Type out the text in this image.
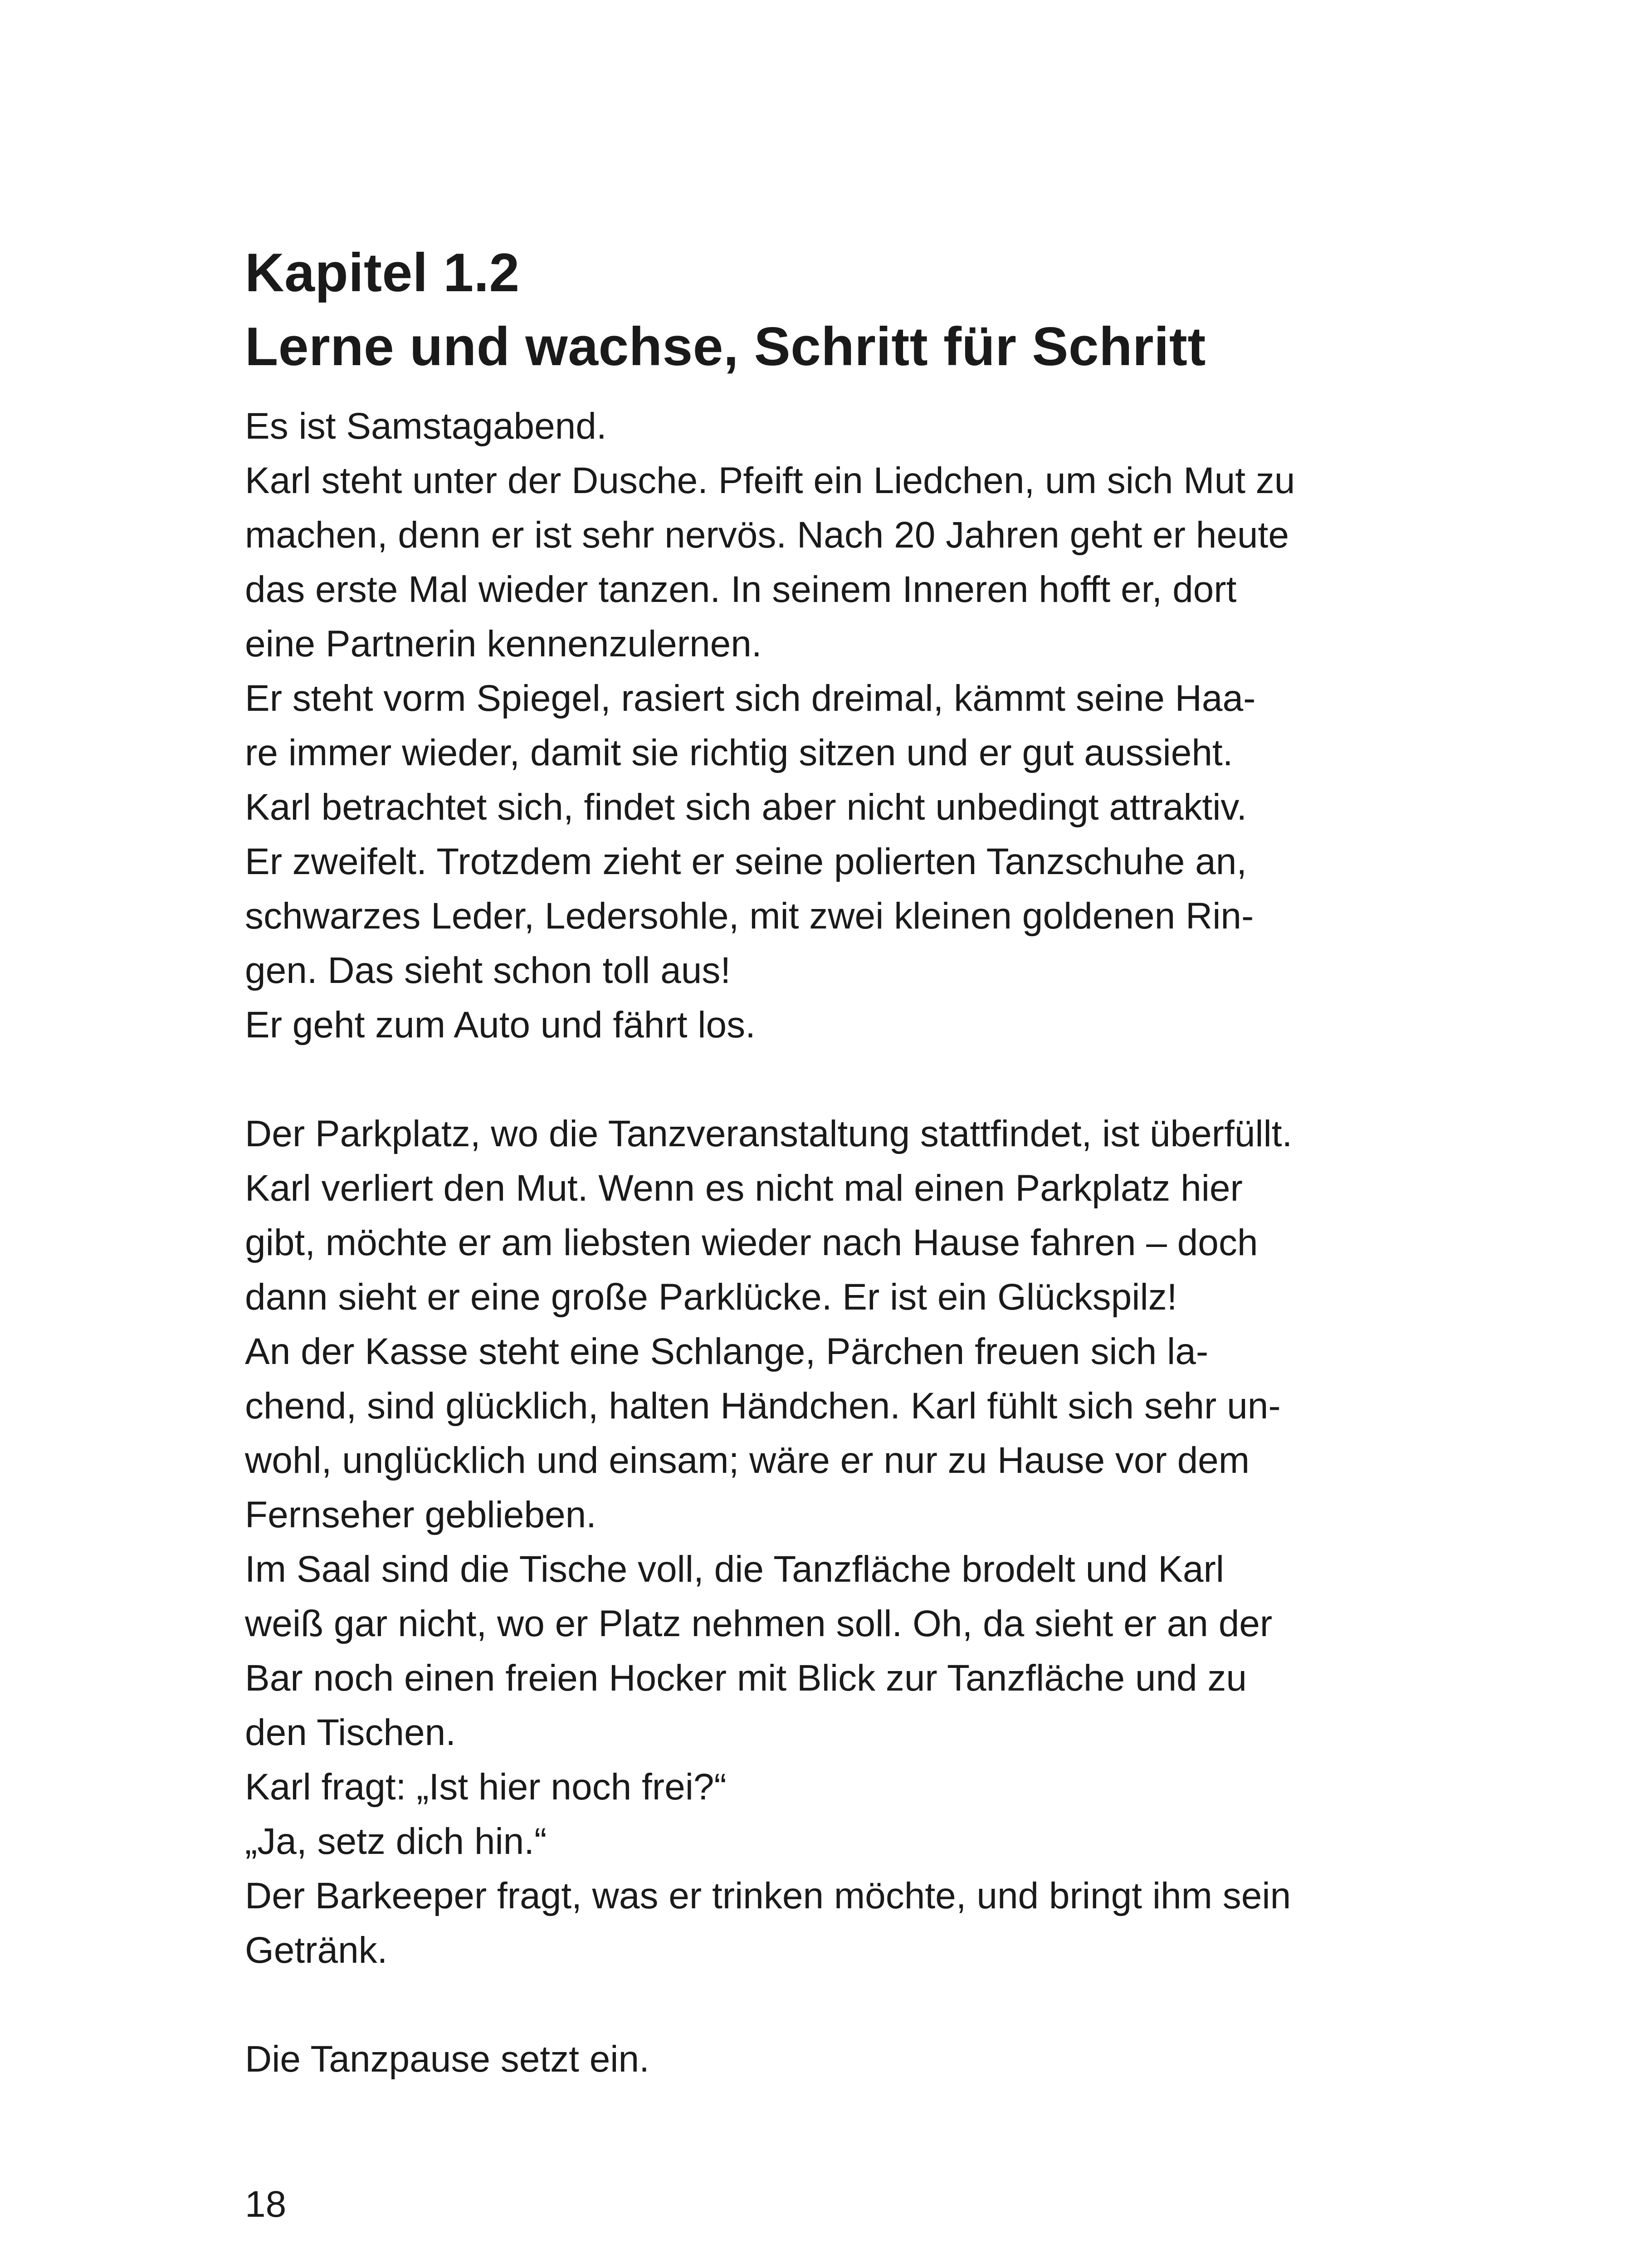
Kapitel 1.2
Lerne und wachse, Schritt für Schritt
Es ist Samstagabend.
Karl steht unter der Dusche. Pfeift ein Liedchen, um sich Mut zu
machen, denn er ist sehr nervös. Nach 20 Jahren geht er heute
das erste Mal wieder tanzen. In seinem Inneren hofft er, dort
eine Partnerin kennenzulernen.
Er steht vorm Spiegel, rasiert sich dreimal, kämmt seine Haa-
re immer wieder, damit sie richtig sitzen und er gut aussieht.
Karl betrachtet sich, findet sich aber nicht unbedingt attraktiv.
Er zweifelt. Trotzdem zieht er seine polierten Tanzschuhe an,
schwarzes Leder, Ledersohle, mit zwei kleinen goldenen Rin-
gen. Das sieht schon toll aus!
Er geht zum Auto und fährt los.
Der Parkplatz, wo die Tanzveranstaltung stattfindet, ist überfüllt.
Karl verliert den Mut. Wenn es nicht mal einen Parkplatz hier
gibt, möchte er am liebsten wieder nach Hause fahren – doch
dann sieht er eine große Parklücke. Er ist ein Glückspilz!
An der Kasse steht eine Schlange, Pärchen freuen sich la-
chend, sind glücklich, halten Händchen. Karl fühlt sich sehr un-
wohl, unglücklich und einsam; wäre er nur zu Hause vor dem
Fernseher geblieben.
Im Saal sind die Tische voll, die Tanzfläche brodelt und Karl
weiß gar nicht, wo er Platz nehmen soll. Oh, da sieht er an der
Bar noch einen freien Hocker mit Blick zur Tanzfläche und zu
den Tischen.
Karl fragt: „Ist hier noch frei?“
„Ja, setz dich hin.“
Der Barkeeper fragt, was er trinken möchte, und bringt ihm sein
Getränk.
Die Tanzpause setzt ein.
18
